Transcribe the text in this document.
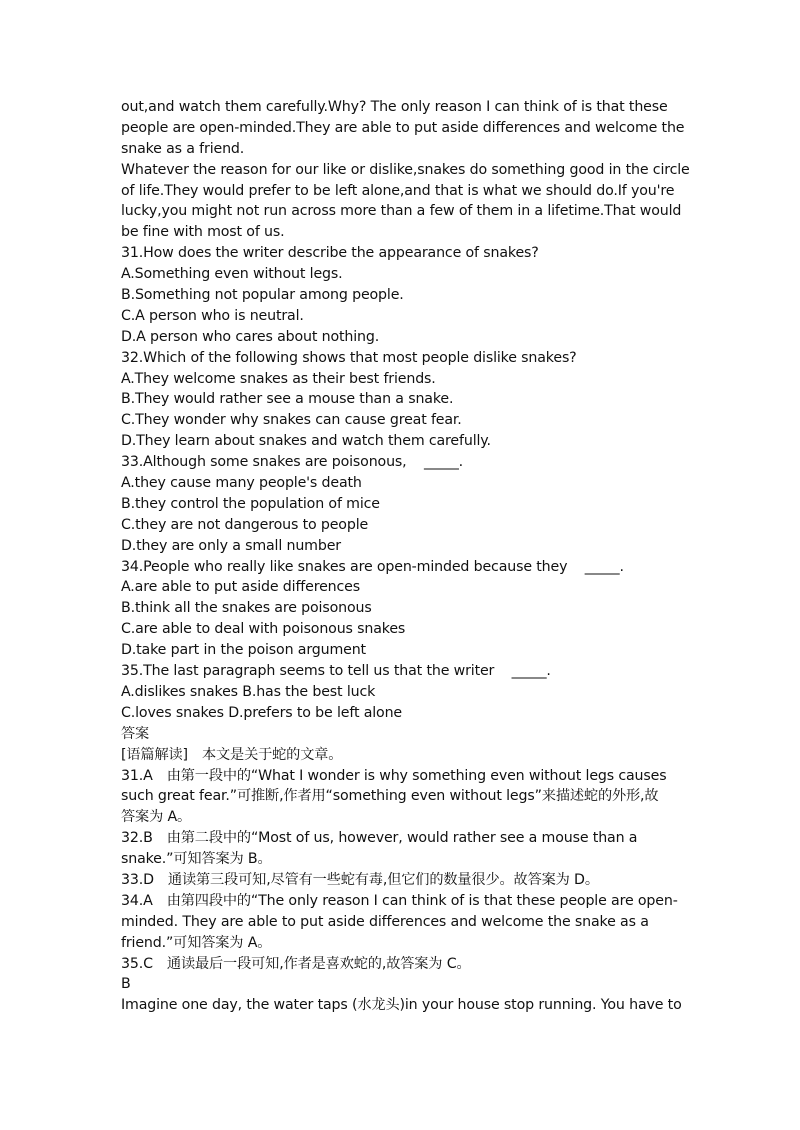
out,and watch them carefully.Why? The only reason I can think of is that these
people are open-minded.They are able to put aside differences and welcome the
snake as a friend.
Whatever the reason for our like or dislike,snakes do something good in the circle
of life.They would prefer to be left alone,and that is what we should do.If you're
lucky,you might not run across more than a few of them in a lifetime.That would
be fine with most of us.
31.How does the writer describe the appearance of snakes?
A.Something even without legs.
B.Something not popular among people.
C.A person who is neutral.
D.A person who cares about nothing.
32.Which of the following shows that most people dislike snakes?
A.They welcome snakes as their best friends.
B.They would rather see a mouse than a snake.
C.They wonder why snakes can cause great fear.
D.They learn about snakes and watch them carefully.
33.Although some snakes are poisonous,    _____.
A.they cause many people's death
B.they control the population of mice
C.they are not dangerous to people
D.they are only a small number
34.People who really like snakes are open-minded because they    _____.
A.are able to put aside differences
B.think all the snakes are poisonous
C.are able to deal with poisonous snakes
D.take part in the poison argument
35.The last paragraph seems to tell us that the writer    _____.
A.dislikes snakes B.has the best luck
C.loves snakes D.prefers to be left alone
答案
[语篇解读]　本文是关于蛇的文章。
31.A　由第一段中的“What I wonder is why something even without legs causes
such great fear.”可推断,作者用“something even without legs”来描述蛇的外形,故
答案为 A。
32.B　由第二段中的“Most of us, however, would rather see a mouse than a
snake.”可知答案为 B。
33.D　通读第三段可知,尽管有一些蛇有毒,但它们的数量很少。故答案为 D。
34.A　由第四段中的“The only reason I can think of is that these people are open-
minded. They are able to put aside differences and welcome the snake as a
friend.”可知答案为 A。
35.C　通读最后一段可知,作者是喜欢蛇的,故答案为 C。
B
Imagine one day, the water taps (水龙头)in your house stop running. You have to
